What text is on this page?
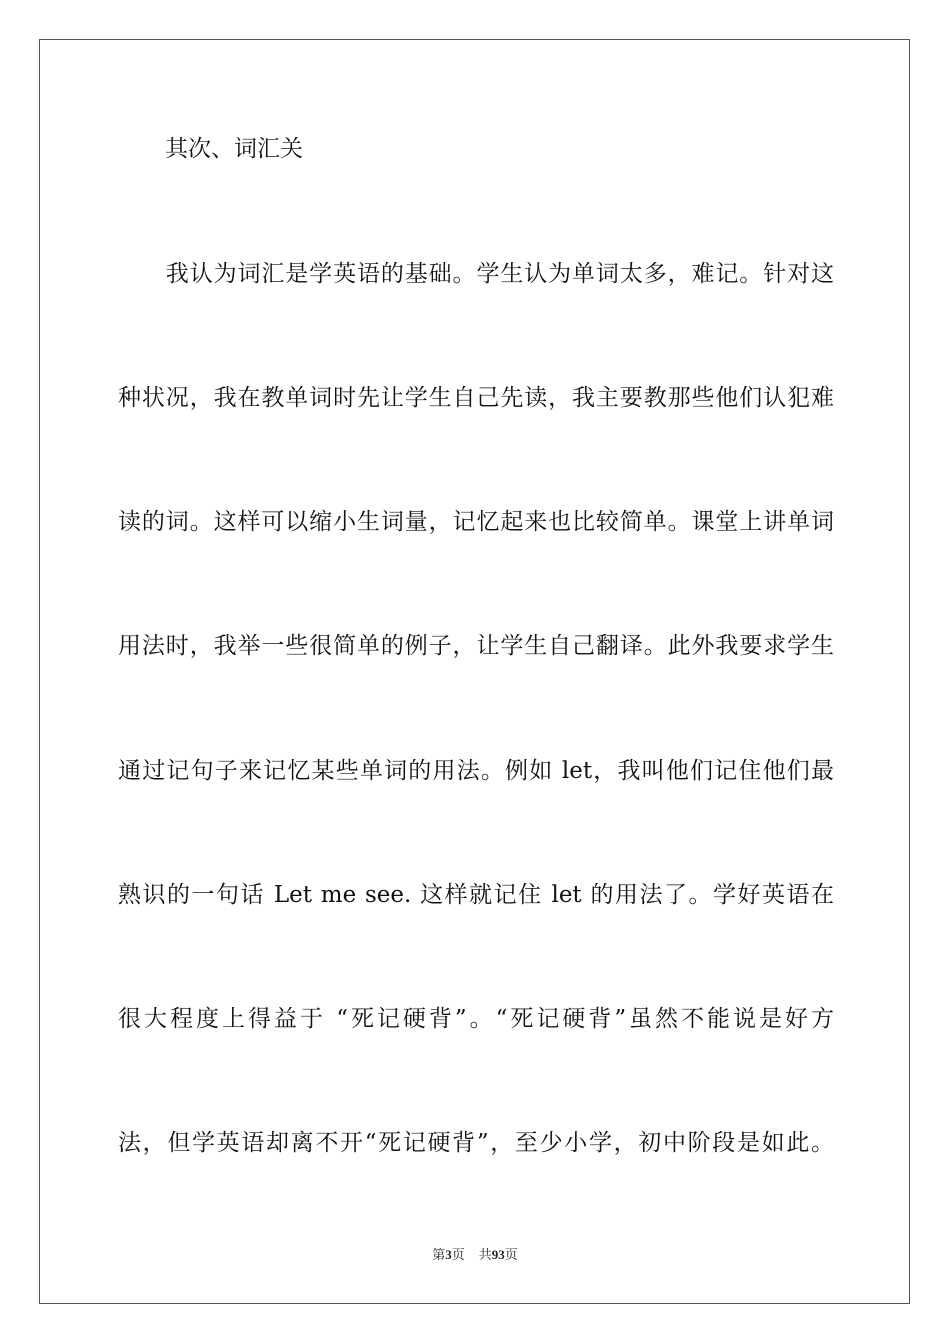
其次、词汇关
　　我认为词汇是学英语的基础。学生认为单词太多，难记。针对这
种状况，我在教单词时先让学生自己先读，我主要教那些他们认犯难
读的词。这样可以缩小生词量，记忆起来也比较简单。课堂上讲单词
用法时，我举一些很简单的例子，让学生自己翻译。此外我要求学生
通过记句子来记忆某些单词的用法。例如 let，我叫他们记住他们最
熟识的一句话 Let me see. 这样就记住 let 的用法了。学好英语在
很大程度上得益于 “死记硬背”。“死记硬背”虽然不能说是好方
法，但学英语却离不开“死记硬背”，至少小学，初中阶段是如此。
第3页 共93页
